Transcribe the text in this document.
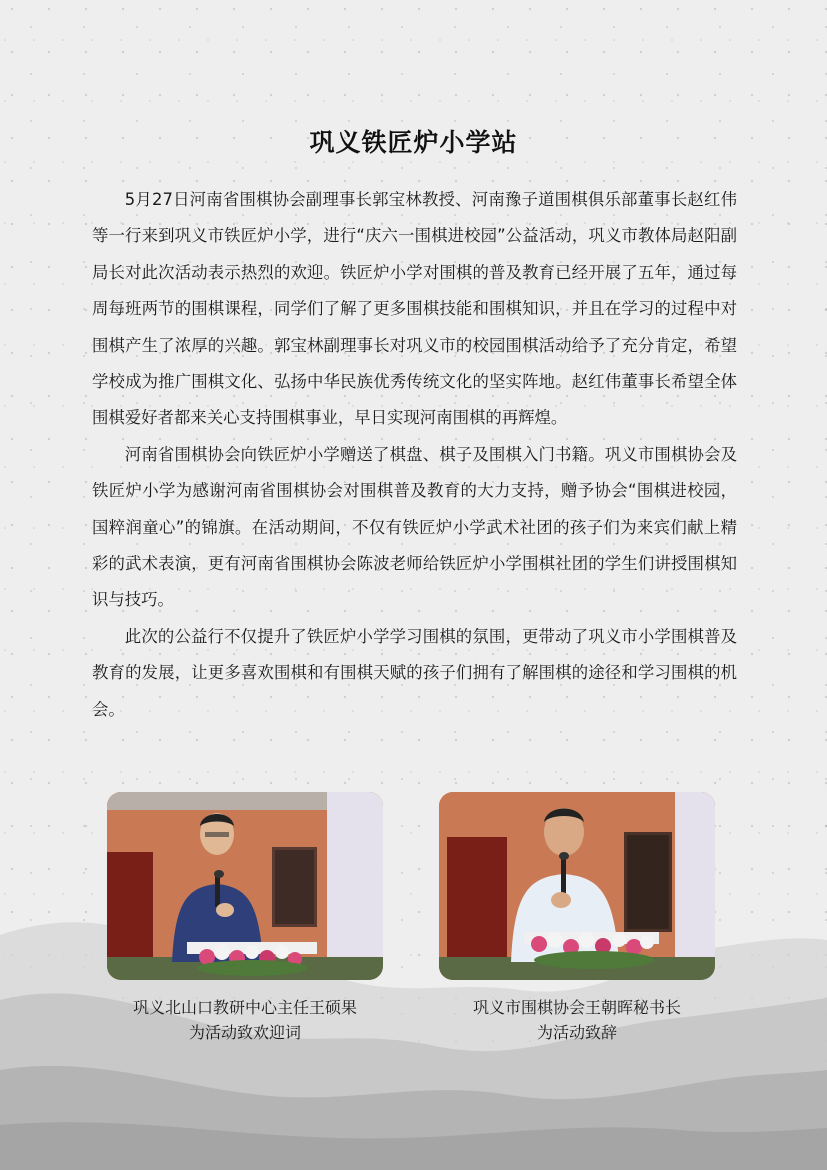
巩义铁匠炉小学站

5月27日河南省围棋协会副理事长郭宝林教授、河南豫子道围棋俱乐部董事长赵红伟等一行来到巩义市铁匠炉小学，进行“庆六一围棋进校园”公益活动，巩义市教体局赵阳副局长对此次活动表示热烈的欢迎。铁匠炉小学对围棋的普及教育已经开展了五年，通过每周每班两节的围棋课程，同学们了解了更多围棋技能和围棋知识，并且在学习的过程中对围棋产生了浓厚的兴趣。郭宝林副理事长对巩义市的校园围棋活动给予了充分肯定，希望学校成为推广围棋文化、弘扬中华民族优秀传统文化的坚实阵地。赵红伟董事长希望全体围棋爱好者都来关心支持围棋事业，早日实现河南围棋的再辉煌。

河南省围棋协会向铁匠炉小学赠送了棋盘、棋子及围棋入门书籍。巩义市围棋协会及铁匠炉小学为感谢河南省围棋协会对围棋普及教育的大力支持，赠予协会“围棋进校园，国粹润童心”的锦旗。在活动期间，不仅有铁匠炉小学武术社团的孩子们为来宾们献上精彩的武术表演，更有河南省围棋协会陈波老师给铁匠炉小学围棋社团的学生们讲授围棋知识与技巧。

此次的公益行不仅提升了铁匠炉小学学习围棋的氛围，更带动了巩义市小学围棋普及教育的发展，让更多喜欢围棋和有围棋天赋的孩子们拥有了解围棋的途径和学习围棋的机会。

巩义北山口教研中心主任王硕果
为活动致欢迎词
巩义市围棋协会王朝晖秘书长
为活动致辞
